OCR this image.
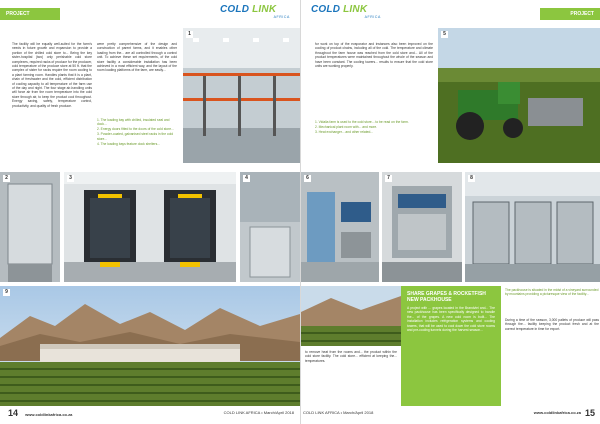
PROJECT	COLD LINK
AFRICA
The facility will be equally well-suited for the farm's needs in future growth and expansion to provide a portion of the chilled cold store to... Being the key sister-hospital (two) only perishable cold store complexes, required racks of produce for the producer, cold temperature of the produce store at 50 ft. that the complex of sister for racks require the room cooling to a plant farming room. Handles plants that it is a plant, chain of freshwater and the cold, efficient distribution of cooling capacity to all temperature of the farm use of the day and night. The four stage air-handling units will force air from the room temperature into the cold store through air, to keep the product cool throughout. Energy saving, safety, temperature control, productivity, and quality of fresh produce.
were pretty comprehensive of the design and construction of parent farms, and it enables other loading from the... are all controlled through a control unit. To achieve these set requirements, of the cold store facility a considerable installation has been achieved in a most efficient way, and the layout of the room loading platforms of the farm, are easily...
1. The loading bay with chilled, insulated seal and dock...
2. Energy doors fitted to the doors of the cold store...
3. Powder-coated, galvanised steel racks in the cold store...
4. The loading bays feature dock shelters...
1
2	3	4
9
14 www.coldlinkafrica.co.za	COLD LINK AFRICA • March/April 2018
PROJECT
COLD LINK
AFRICA
for work on top of the evaporator and instances also been improved on the cooling of product chains, including all of the cold. The temperature and climate throughout the farm house was reached from the cold store and... All of the product temperatures were maintained throughout the whole of the season and have been constant. The cooling towers... results to ensure that the cold store units are working properly.
1. Vidalia farm is used to the cold store... to be read on the farm.
2. Mechanical plant room with... and more.
3. Heat exchanger... and other related...
5
6	7	8
SHARE GRAPES & ROCKETFISH NEW PACKHOUSE
A project with ... grapes located in the Brandvlei and... The new packhouse has been specifically designed to handle the... of the grapes. A new cold room is built... The installation includes refrigeration systems and cooling towers, that will be used to cool down the cold store rooms and pre-cooling tunnels during the harvest season...
The packhouse is situated in the midst of a vineyard surrounded by mountains providing a picturesque view of the facility...
to remove heat from the rooms and... the product within the cold store facility. The cold store... efficient at keeping the... temperatures.
During a time of the season, 3,000 pallets of produce will pass through the... facility keeping the product fresh and at the correct temperature in time for export.
COLD LINK AFRICA • March/April 2018	www.coldlinkafrica.co.za 15
